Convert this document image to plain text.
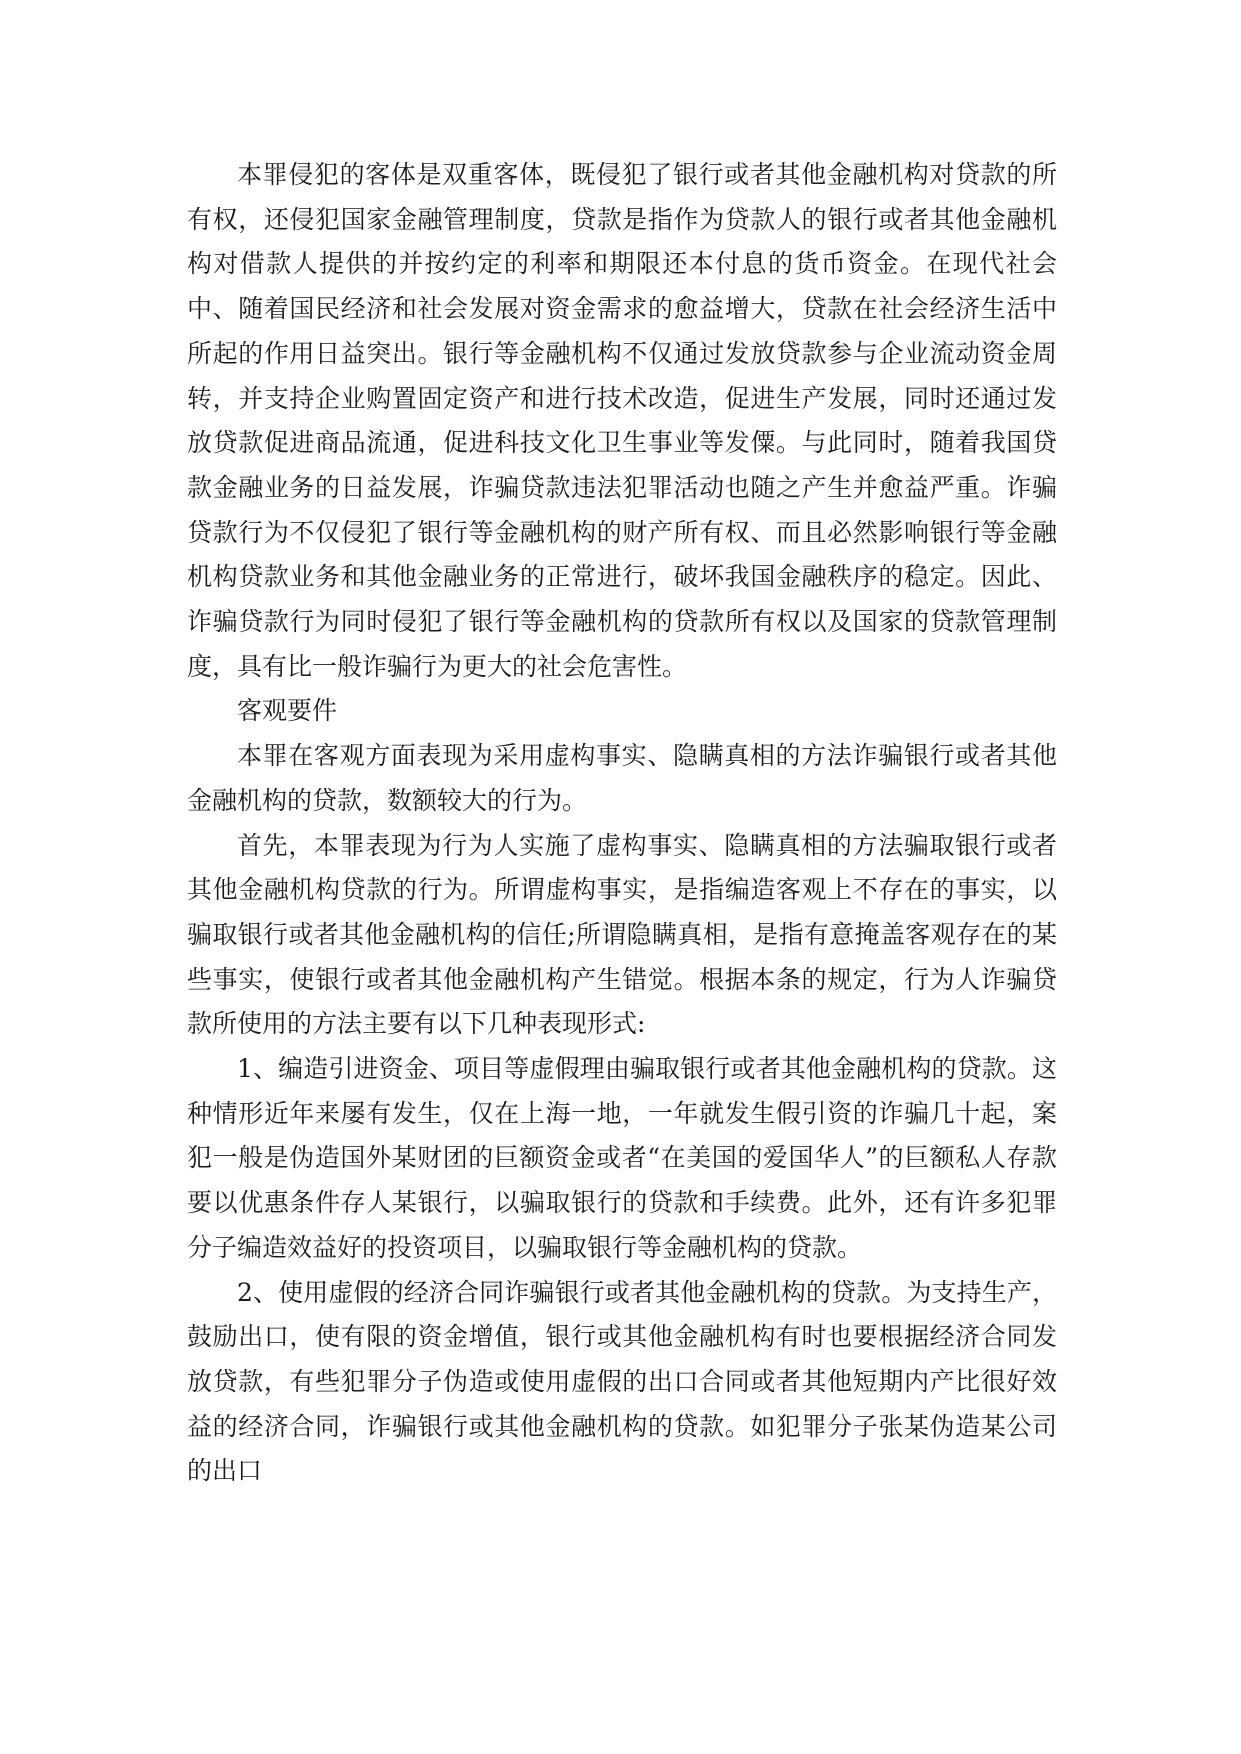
本罪侵犯的客体是双重客体，既侵犯了银行或者其他金融机构对贷款的所有权，还侵犯国家金融管理制度，贷款是指作为贷款人的银行或者其他金融机构对借款人提供的并按约定的利率和期限还本付息的货币资金。在现代社会中、随着国民经济和社会发展对资金需求的愈益增大，贷款在社会经济生活中所起的作用日益突出。银行等金融机构不仅通过发放贷款参与企业流动资金周转，并支持企业购置固定资产和进行技术改造，促进生产发展，同时还通过发放贷款促进商品流通，促进科技文化卫生事业等发僳。与此同时，随着我国贷款金融业务的日益发展，诈骗贷款违法犯罪活动也随之产生并愈益严重。诈骗贷款行为不仅侵犯了银行等金融机构的财产所有权、而且必然影响银行等金融机构贷款业务和其他金融业务的正常进行，破坏我国金融秩序的稳定。因此、诈骗贷款行为同时侵犯了银行等金融机构的贷款所有权以及国家的贷款管理制度，具有比一般诈骗行为更大的社会危害性。

客观要件

本罪在客观方面表现为采用虚构事实、隐瞒真相的方法诈骗银行或者其他金融机构的贷款，数额较大的行为。

首先，本罪表现为行为人实施了虚构事实、隐瞒真相的方法骗取银行或者其他金融机构贷款的行为。所谓虚构事实，是指编造客观上不存在的事实，以骗取银行或者其他金融机构的信任;所谓隐瞒真相，是指有意掩盖客观存在的某些事实，使银行或者其他金融机构产生错觉。根据本条的规定，行为人诈骗贷款所使用的方法主要有以下几种表现形式:

1、编造引进资金、项目等虚假理由骗取银行或者其他金融机构的贷款。这种情形近年来屡有发生，仅在上海一地，一年就发生假引资的诈骗几十起，案犯一般是伪造国外某财团的巨额资金或者“在美国的爱国华人”的巨额私人存款要以优惠条件存人某银行，以骗取银行的贷款和手续费。此外，还有许多犯罪分子编造效益好的投资项目，以骗取银行等金融机构的贷款。

2、使用虚假的经济合同诈骗银行或者其他金融机构的贷款。为支持生产，鼓励出口，使有限的资金增值，银行或其他金融机构有时也要根据经济合同发放贷款，有些犯罪分子伪造或使用虚假的出口合同或者其他短期内产比很好效益的经济合同，诈骗银行或其他金融机构的贷款。如犯罪分子张某伪造某公司的出口
